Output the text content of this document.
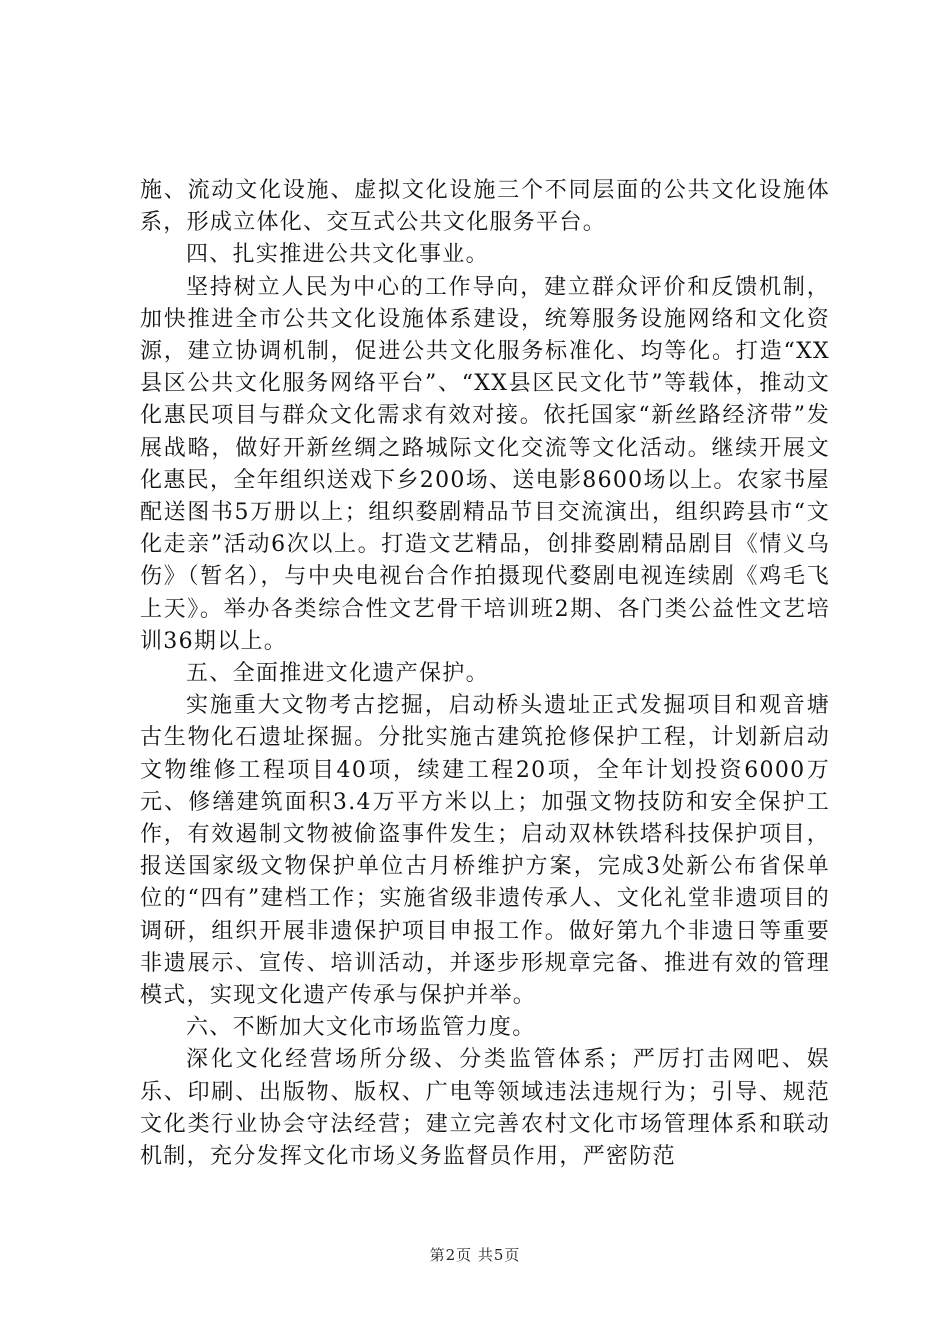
施、流动文化设施、虚拟文化设施三个不同层面的公共文化设施体系，形成立体化、交互式公共文化服务平台。

四、扎实推进公共文化事业。

坚持树立人民为中心的工作导向，建立群众评价和反馈机制，加快推进全市公共文化设施体系建设，统筹服务设施网络和文化资源，建立协调机制，促进公共文化服务标准化、均等化。打造“XX县区公共文化服务网络平台”、“XX县区民文化节”等载体，推动文化惠民项目与群众文化需求有效对接。依托国家“新丝路经济带”发展战略，做好开新丝绸之路城际文化交流等文化活动。继续开展文化惠民，全年组织送戏下乡200场、送电影8600场以上。农家书屋配送图书5万册以上；组织婺剧精品节目交流演出，组织跨县市“文化走亲”活动6次以上。打造文艺精品，创排婺剧精品剧目《情义乌伤》（暂名），与中央电视台合作拍摄现代婺剧电视连续剧《鸡毛飞上天》。举办各类综合性文艺骨干培训班2期、各门类公益性文艺培训36期以上。

五、全面推进文化遗产保护。

实施重大文物考古挖掘，启动桥头遗址正式发掘项目和观音塘古生物化石遗址探掘。分批实施古建筑抢修保护工程，计划新启动文物维修工程项目40项，续建工程20项，全年计划投资6000万元、修缮建筑面积3.4万平方米以上；加强文物技防和安全保护工作，有效遏制文物被偷盗事件发生；启动双林铁塔科技保护项目，报送国家级文物保护单位古月桥维护方案，完成3处新公布省保单位的“四有”建档工作；实施省级非遗传承人、文化礼堂非遗项目的调研，组织开展非遗保护项目申报工作。做好第九个非遗日等重要非遗展示、宣传、培训活动，并逐步形规章完备、推进有效的管理模式，实现文化遗产传承与保护并举。

六、不断加大文化市场监管力度。

深化文化经营场所分级、分类监管体系；严厉打击网吧、娱乐、印刷、出版物、版权、广电等领域违法违规行为；引导、规范文化类行业协会守法经营；建立完善农村文化市场管理体系和联动机制，充分发挥文化市场义务监督员作用，严密防范

第2页 共5页
